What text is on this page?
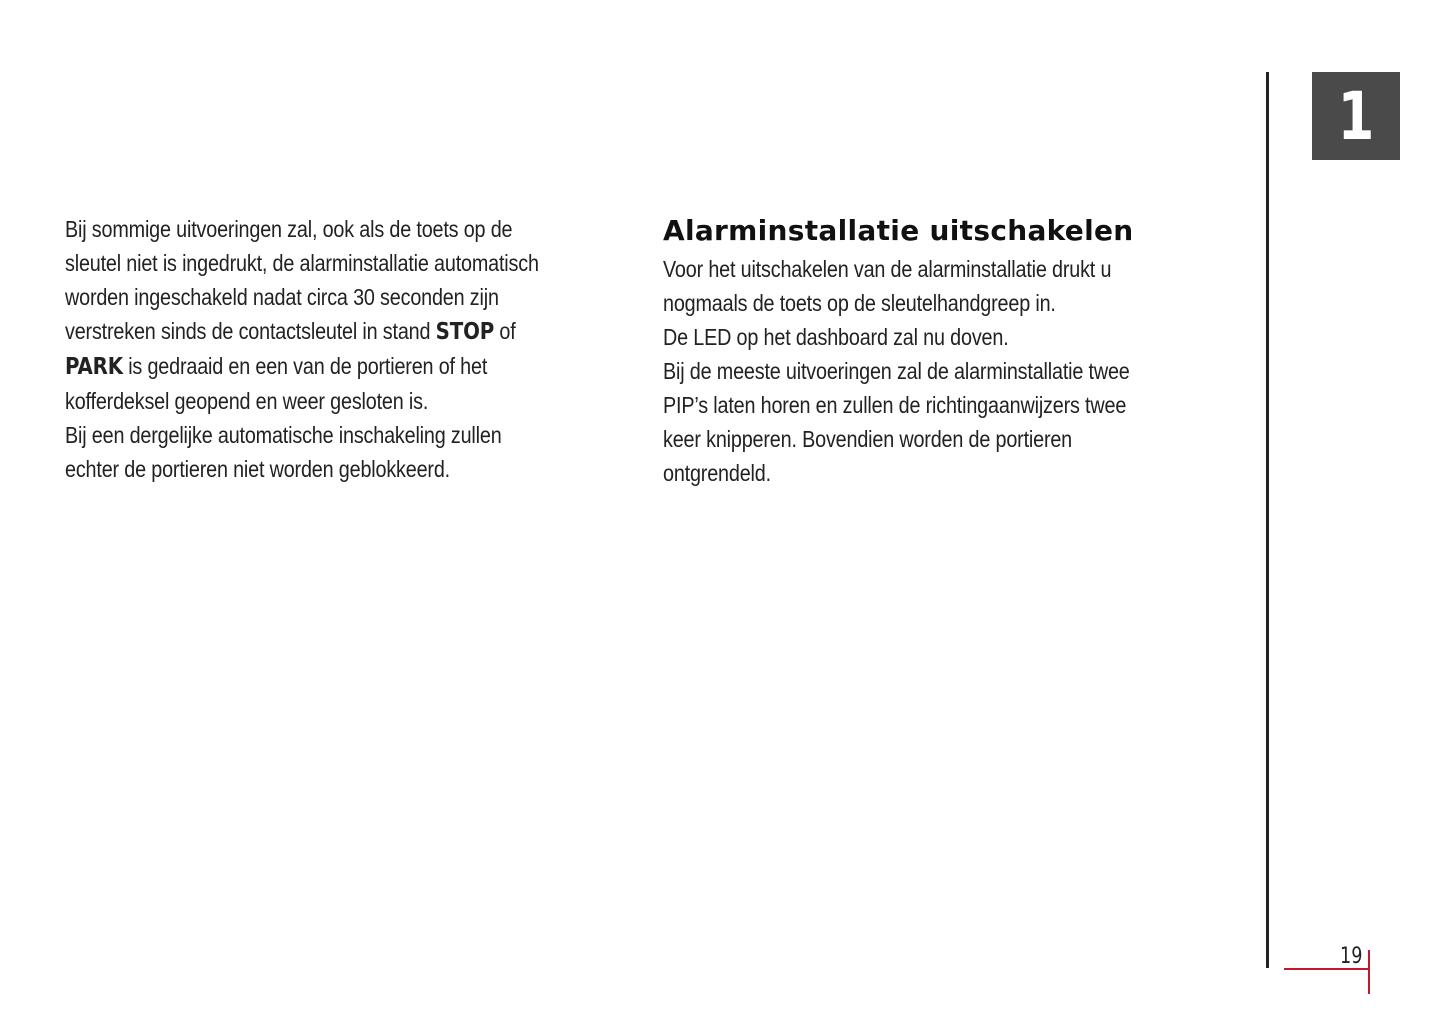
Bij sommige uitvoeringen zal, ook als de toets op de
sleutel niet is ingedrukt, de alarminstallatie automatisch
worden ingeschakeld nadat circa 30 seconden zijn
verstreken sinds de contactsleutel in stand STOP of
PARK is gedraaid en een van de portieren of het
kofferdeksel geopend en weer gesloten is.
Bij een dergelijke automatische inschakeling zullen
echter de portieren niet worden geblokkeerd.
Alarminstallatie uitschakelen
Voor het uitschakelen van de alarminstallatie drukt u
nogmaals de toets op de sleutelhandgreep in.
De LED op het dashboard zal nu doven.
Bij de meeste uitvoeringen zal de alarminstallatie twee
PIP’s laten horen en zullen de richtingaanwijzers twee
keer knipperen. Bovendien worden de portieren
ontgrendeld.
1
19
